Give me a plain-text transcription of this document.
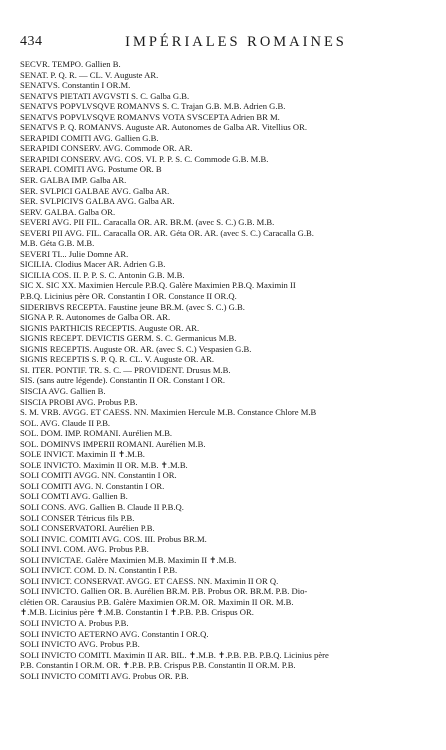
434	IMPÉRIALES ROMAINES
SECVR. TEMPO. Gallien B.
SENAT. P. Q. R. — CL. V. Auguste AR.
SENATVS. Constantin I OR.M.
SENATVS PIETATI AVGVSTI S. C. Galba G.B.
SENATVS POPVLVSQVE ROMANVS S. C. Trajan G.B. M.B. Adrien G.B.
SENATVS POPVLVSQVE ROMANVS VOTA SVSCEPTA Adrien BR M.
SENATVS P. Q. ROMANVS. Auguste AR. Autonomes de Galba AR. Vitellius OR.
SERAPIDI COMITI AVG. Gallien G.B.
SERAPIDI CONSERV. AVG. Commode OR. AR.
SERAPIDI CONSERV. AVG. COS. VI. P. P. S. C. Commode G.B. M.B.
SERAPI. COMITI AVG. Postume OR. B
SER. GALBA IMP. Galba AR.
SER. SVLPICI GALBAE AVG. Galba AR.
SER. SVLPICIVS GALBA AVG. Galba AR.
SERV. GALBA. Galba OR.
SEVERI AVG. PII FIL. Caracalla OR. AR. BR.M. (avec S. C.) G.B. M.B.
SEVERI PII AVG. FIL. Caracalla OR. AR. Géta OR. AR. (avec S. C.) Caracalla G.B.
M.B. Géta G.B. M.B.
SEVERI TI... Julie Domne AR.
SICILIA. Clodius Macer AR. Adrien G.B.
SICILIA COS. II. P. P. S. C. Antonin G.B. M.B.
SIC X. SIC XX. Maximien Hercule P.B.Q. Galère Maximien P.B.Q. Maximin II
P.B.Q. Licinius père OR. Constantin I OR. Constance II OR.Q.
SIDERIBVS RECEPTA. Faustine jeune BR.M. (avec S. C.) G.B.
SIGNA P. R. Autonomes de Galba OR. AR.
SIGNIS PARTHICIS RECEPTIS. Auguste OR. AR.
SIGNIS RECEPT. DEVICTIS GERM. S. C. Germanicus M.B.
SIGNIS RECEPTIS. Auguste OR. AR. (avec S. C.) Vespasien G.B.
SIGNIS RECEPTIS S. P. Q. R. CL. V. Auguste OR. AR.
SI. ITER. PONTIF. TR. S. C. — PROVIDENT. Drusus M.B.
SIS. (sans autre légende). Constantin II OR. Constant I OR.
SISCIA AVG. Gallien B.
SISCIA PROBI AVG. Probus P.B.
S. M. VRB. AVGG. ET CAESS. NN. Maximien Hercule M.B. Constance Chlore M.B
SOL. AVG. Claude II P.B.
SOL. DOM. IMP. ROMANI. Aurélien M.B.
SOL. DOMINVS IMPERII ROMANI. Aurélien M.B.
SOLE INVICT. Maximin II ✝.M.B.
SOLE INVICTO. Maximin II OR. M.B. ✝.M.B.
SOLI COMITI AVGG. NN. Constantin I OR.
SOLI COMITI AVG. N. Constantin I OR.
SOLI COMTI AVG. Gallien B.
SOLI CONS. AVG. Gallien B. Claude II P.B.Q.
SOLI CONSER Tétricus fils P.B.
SOLI CONSERVATORI. Aurélien P.B.
SOLI INVIC. COMITI AVG. COS. III. Probus BR.M.
SOLI INVI. COM. AVG. Probus P.B.
SOLI INVICTAE. Galère Maximien M.B. Maximin II ✝.M.B.
SOLI INVICT. COM. D. N. Constantin I P.B.
SOLI INVICT. CONSERVAT. AVGG. ET CAESS. NN. Maximin II OR Q.
SOLI INVICTO. Gallien OR. B. Aurélien BR.M. P.B. Probus OR. BR.M. P.B. Dio-
clétien OR. Carausius P.B. Galère Maximien OR.M. OR. Maximin II OR. M.B.
✝.M.B. Licinius père ✝.M.B. Constantin I ✝.P.B. P.B. Crispus OR.
SOLI INVICTO A. Probus P.B.
SOLI INVICTO AETERNO AVG. Constantin I OR.Q.
SOLI INVICTO AVG. Probus P.B.
SOLI INVICTO COMITI. Maximin II AR. BIL. ✝.M.B. ✝.P.B. P.B. P.B.Q. Licinius père
P.B. Constantin I OR.M. OR. ✝.P.B. P.B. Crispus P.B. Constantin II OR.M. P.B.
SOLI INVICTO COMITI AVG. Probus OR. P.B.
